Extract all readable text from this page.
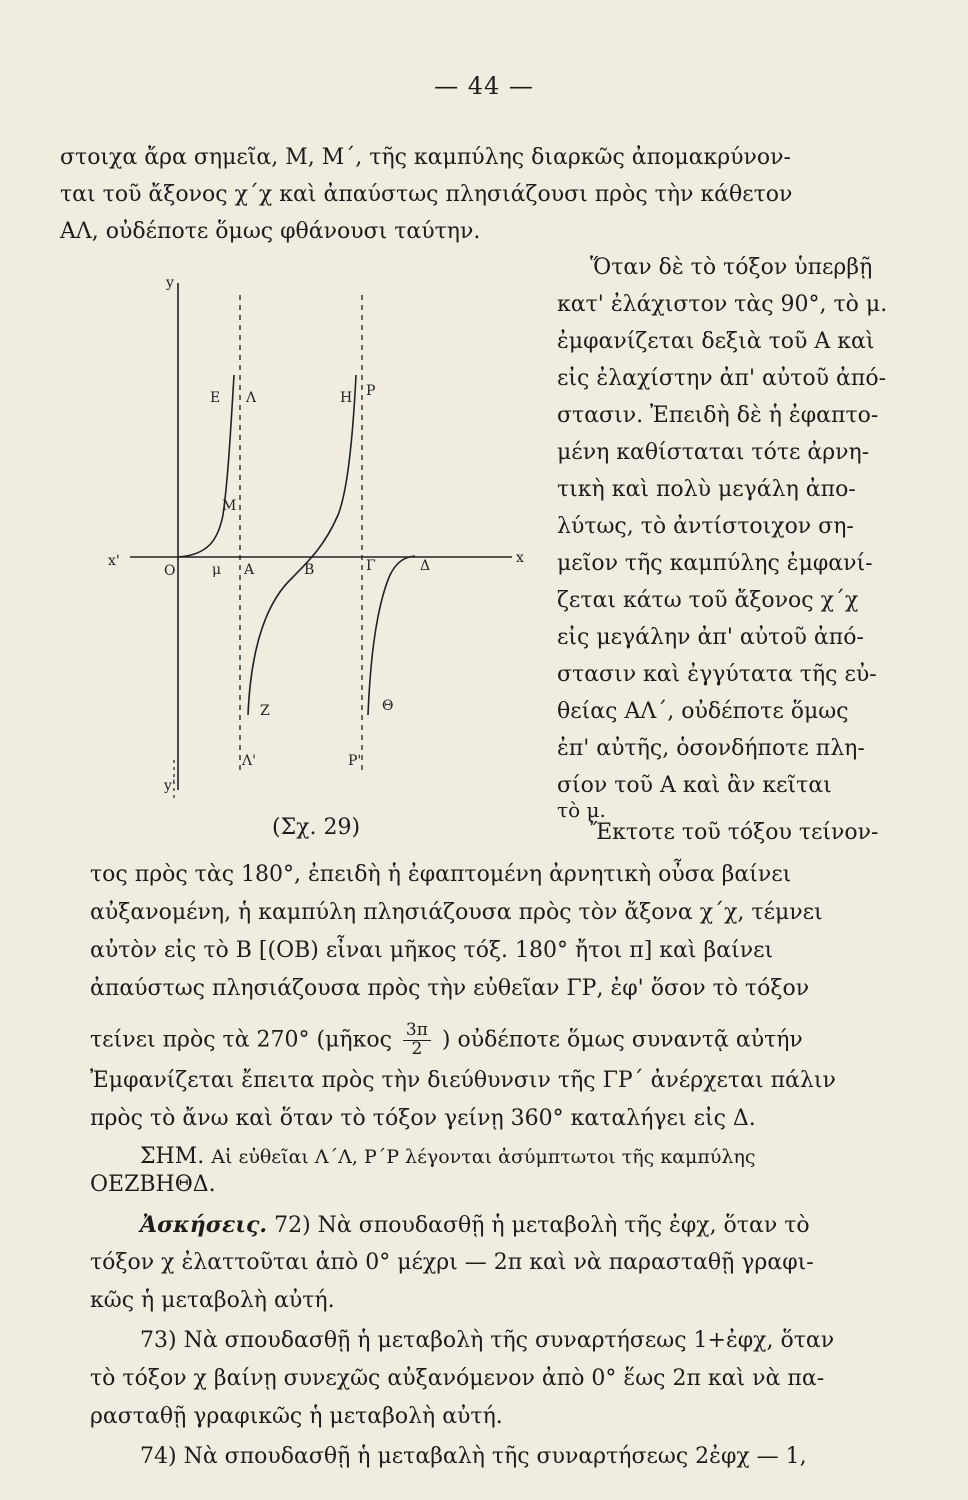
— 44 —
στοιχα ἄρα σημεῖα, Μ, Μ΄, τῆς καμπύλης διαρκῶς ἀπομακρύνον-
ται τοῦ ἄξονος χ΄χ καὶ ἀπαύστως πλησιάζουσι πρὸς τὴν κάθετον
ΑΛ, οὐδέποτε ὅμως φθάνουσι ταύτην.
Ὅταν δὲ τὸ τόξον ὑπερβῇ
κατ' ἐλάχιστον τὰς 90°, τὸ μ.
ἐμφανίζεται δεξιὰ τοῦ Α καὶ
εἰς ἐλαχίστην ἀπ' αὐτοῦ ἀπό-
στασιν. Ἐπειδὴ δὲ ἡ ἐφαπτο-
μένη καθίσταται τότε ἀρνη-
τικὴ καὶ πολὺ μεγάλη ἀπο-
λύτως, τὸ ἀντίστοιχον ση-
μεῖον τῆς καμπύλης ἐμφανί-
ζεται κάτω τοῦ ἄξονος χ΄χ
εἰς μεγάλην ἀπ' αὐτοῦ ἀπό-
στασιν καὶ ἐγγύτατα τῆς εὐ-
θείας ΑΛ΄, οὐδέποτε ὅμως
ἐπ' αὐτῆς, ὁσονδήποτε πλη-
σίον τοῦ Α καὶ ἂν κεῖται
τὸ μ.
Ἔκτοτε τοῦ τόξου τείνον-
y
y'
x'	x
O	μ A	B	Γ	Δ
E Λ	H P
M
Z	Θ
Λ'	P'
(Σχ. 29)
τος πρὸς τὰς 180°, ἐπειδὴ ἡ ἐφαπτομένη ἀρνητικὴ οὖσα βαίνει
αὐξανομένη, ἡ καμπύλη πλησιάζουσα πρὸς τὸν ἄξονα χ΄χ, τέμνει
αὐτὸν εἰς τὸ Β [(ΟΒ) εἶναι μῆκος τόξ. 180° ἤτοι π] καὶ βαίνει
ἀπαύστως πλησιάζουσα πρὸς τὴν εὐθεῖαν ΓΡ, ἐφ' ὅσον τὸ τόξον
τείνει πρὸς τὰ 270° (μῆκος $\frac{3\pi}{2}$ ) οὐδέποτε ὅμως συναντᾷ αὐτήν
Ἐμφανίζεται ἔπειτα πρὸς τὴν διεύθυνσιν τῆς ΓΡ΄ ἀνέρχεται πάλιν
πρὸς τὸ ἄνω καὶ ὅταν τὸ τόξον γείνῃ 360° καταλήγει εἰς Δ.
ΣΗΜ. Αἱ εὐθεῖαι Λ΄Λ, Ρ΄Ρ λέγονται ἀσύμπτωτοι τῆς καμπύλης
ΟΕΖΒΗΘΔ.
Ἀσκήσεις. 72) Νὰ σπουδασθῇ ἡ μεταβολὴ τῆς ἐφχ, ὅταν τὸ
τόξον χ ἐλαττοῦται ἀπὸ 0° μέχρι — 2π καὶ νὰ παρασταθῇ γραφι-
κῶς ἡ μεταβολὴ αὐτή.
73) Νὰ σπουδασθῇ ἡ μεταβολὴ τῆς συναρτήσεως 1+ἐφχ, ὅταν
τὸ τόξον χ βαίνῃ συνεχῶς αὐξανόμενον ἀπὸ 0° ἕως 2π καὶ νὰ πα-
ρασταθῇ γραφικῶς ἡ μεταβολὴ αὐτή.
74) Νὰ σπουδασθῇ ἡ μεταβαλὴ τῆς συναρτήσεως 2ἐφχ — 1,
